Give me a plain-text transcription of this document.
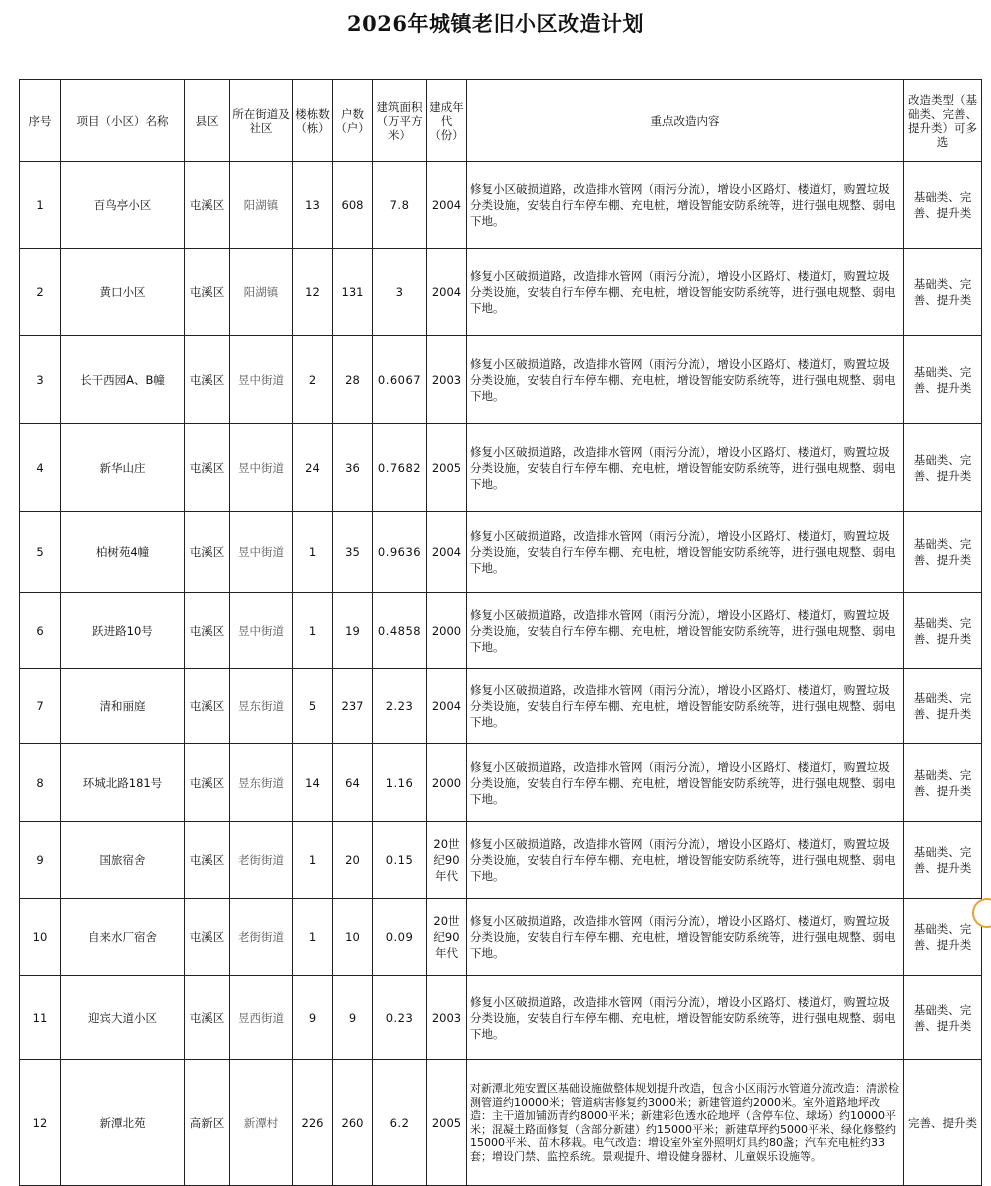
2026年城镇老旧小区改造计划
序号	项目（小区）名称	县区	所在街道及社区	楼栋数（栋）	户数（户）	建筑面积（万平方米）	建成年代（份）	重点改造内容	改造类型（基础类、完善、提升类）可多选
1	百鸟亭小区	屯溪区	阳湖镇	13	608	7.8	2004	修复小区破损道路，改造排水管网（雨污分流），增设小区路灯、楼道灯，购置垃圾分类设施，安装自行车停车棚、充电桩，增设智能安防系统等，进行强电规整、弱电下地。	基础类、完善、提升类
2	黄口小区	屯溪区	阳湖镇	12	131	3	2004	修复小区破损道路，改造排水管网（雨污分流），增设小区路灯、楼道灯，购置垃圾分类设施，安装自行车停车棚、充电桩，增设智能安防系统等，进行强电规整、弱电下地。	基础类、完善、提升类
3	长干西园A、B幢	屯溪区	昱中街道	2	28	0.6067	2003	修复小区破损道路，改造排水管网（雨污分流），增设小区路灯、楼道灯，购置垃圾分类设施，安装自行车停车棚、充电桩，增设智能安防系统等，进行强电规整、弱电下地。	基础类、完善、提升类
4	新华山庄	屯溪区	昱中街道	24	36	0.7682	2005	修复小区破损道路，改造排水管网（雨污分流），增设小区路灯、楼道灯，购置垃圾分类设施，安装自行车停车棚、充电桩，增设智能安防系统等，进行强电规整、弱电下地。	基础类、完善、提升类
5	柏树苑4幢	屯溪区	昱中街道	1	35	0.9636	2004	修复小区破损道路，改造排水管网（雨污分流），增设小区路灯、楼道灯，购置垃圾分类设施，安装自行车停车棚、充电桩，增设智能安防系统等，进行强电规整、弱电下地。	基础类、完善、提升类
6	跃进路10号	屯溪区	昱中街道	1	19	0.4858	2000	修复小区破损道路，改造排水管网（雨污分流），增设小区路灯、楼道灯，购置垃圾分类设施，安装自行车停车棚、充电桩，增设智能安防系统等，进行强电规整、弱电下地。	基础类、完善、提升类
7	清和丽庭	屯溪区	昱东街道	5	237	2.23	2004	修复小区破损道路，改造排水管网（雨污分流），增设小区路灯、楼道灯，购置垃圾分类设施，安装自行车停车棚、充电桩，增设智能安防系统等，进行强电规整、弱电下地。	基础类、完善、提升类
8	环城北路181号	屯溪区	昱东街道	14	64	1.16	2000	修复小区破损道路，改造排水管网（雨污分流），增设小区路灯、楼道灯，购置垃圾分类设施，安装自行车停车棚、充电桩，增设智能安防系统等，进行强电规整、弱电下地。	基础类、完善、提升类
9	国旅宿舍	屯溪区	老街街道	1	20	0.15	20世纪90年代	修复小区破损道路，改造排水管网（雨污分流），增设小区路灯、楼道灯，购置垃圾分类设施，安装自行车停车棚、充电桩，增设智能安防系统等，进行强电规整、弱电下地。	基础类、完善、提升类
10	自来水厂宿舍	屯溪区	老街街道	1	10	0.09	20世纪90年代	修复小区破损道路，改造排水管网（雨污分流），增设小区路灯、楼道灯，购置垃圾分类设施，安装自行车停车棚、充电桩，增设智能安防系统等，进行强电规整、弱电下地。	基础类、完善、提升类
11	迎宾大道小区	屯溪区	昱西街道	9	9	0.23	2003	修复小区破损道路，改造排水管网（雨污分流），增设小区路灯、楼道灯，购置垃圾分类设施，安装自行车停车棚、充电桩，增设智能安防系统等，进行强电规整、弱电下地。	基础类、完善、提升类
12	新潭北苑	高新区	新潭村	226	260	6.2	2005	对新潭北苑安置区基础设施做整体规划提升改造，包含小区雨污水管道分流改造：清淤检测管道约10000米；管道病害修复约3000米；新建管道约2000米。室外道路地坪改造：主干道加铺沥青约8000平米；新建彩色透水砼地坪（含停车位、球场）约10000平米；混凝土路面修复（含部分新建）约15000平米；新建草坪约5000平米、绿化修整约15000平米、苗木移栽。电气改造：增设室外室外照明灯具约80盏；汽车充电桩约33套；增设门禁、监控系统。景观提升、增设健身器材、儿童娱乐设施等。	完善、提升类
